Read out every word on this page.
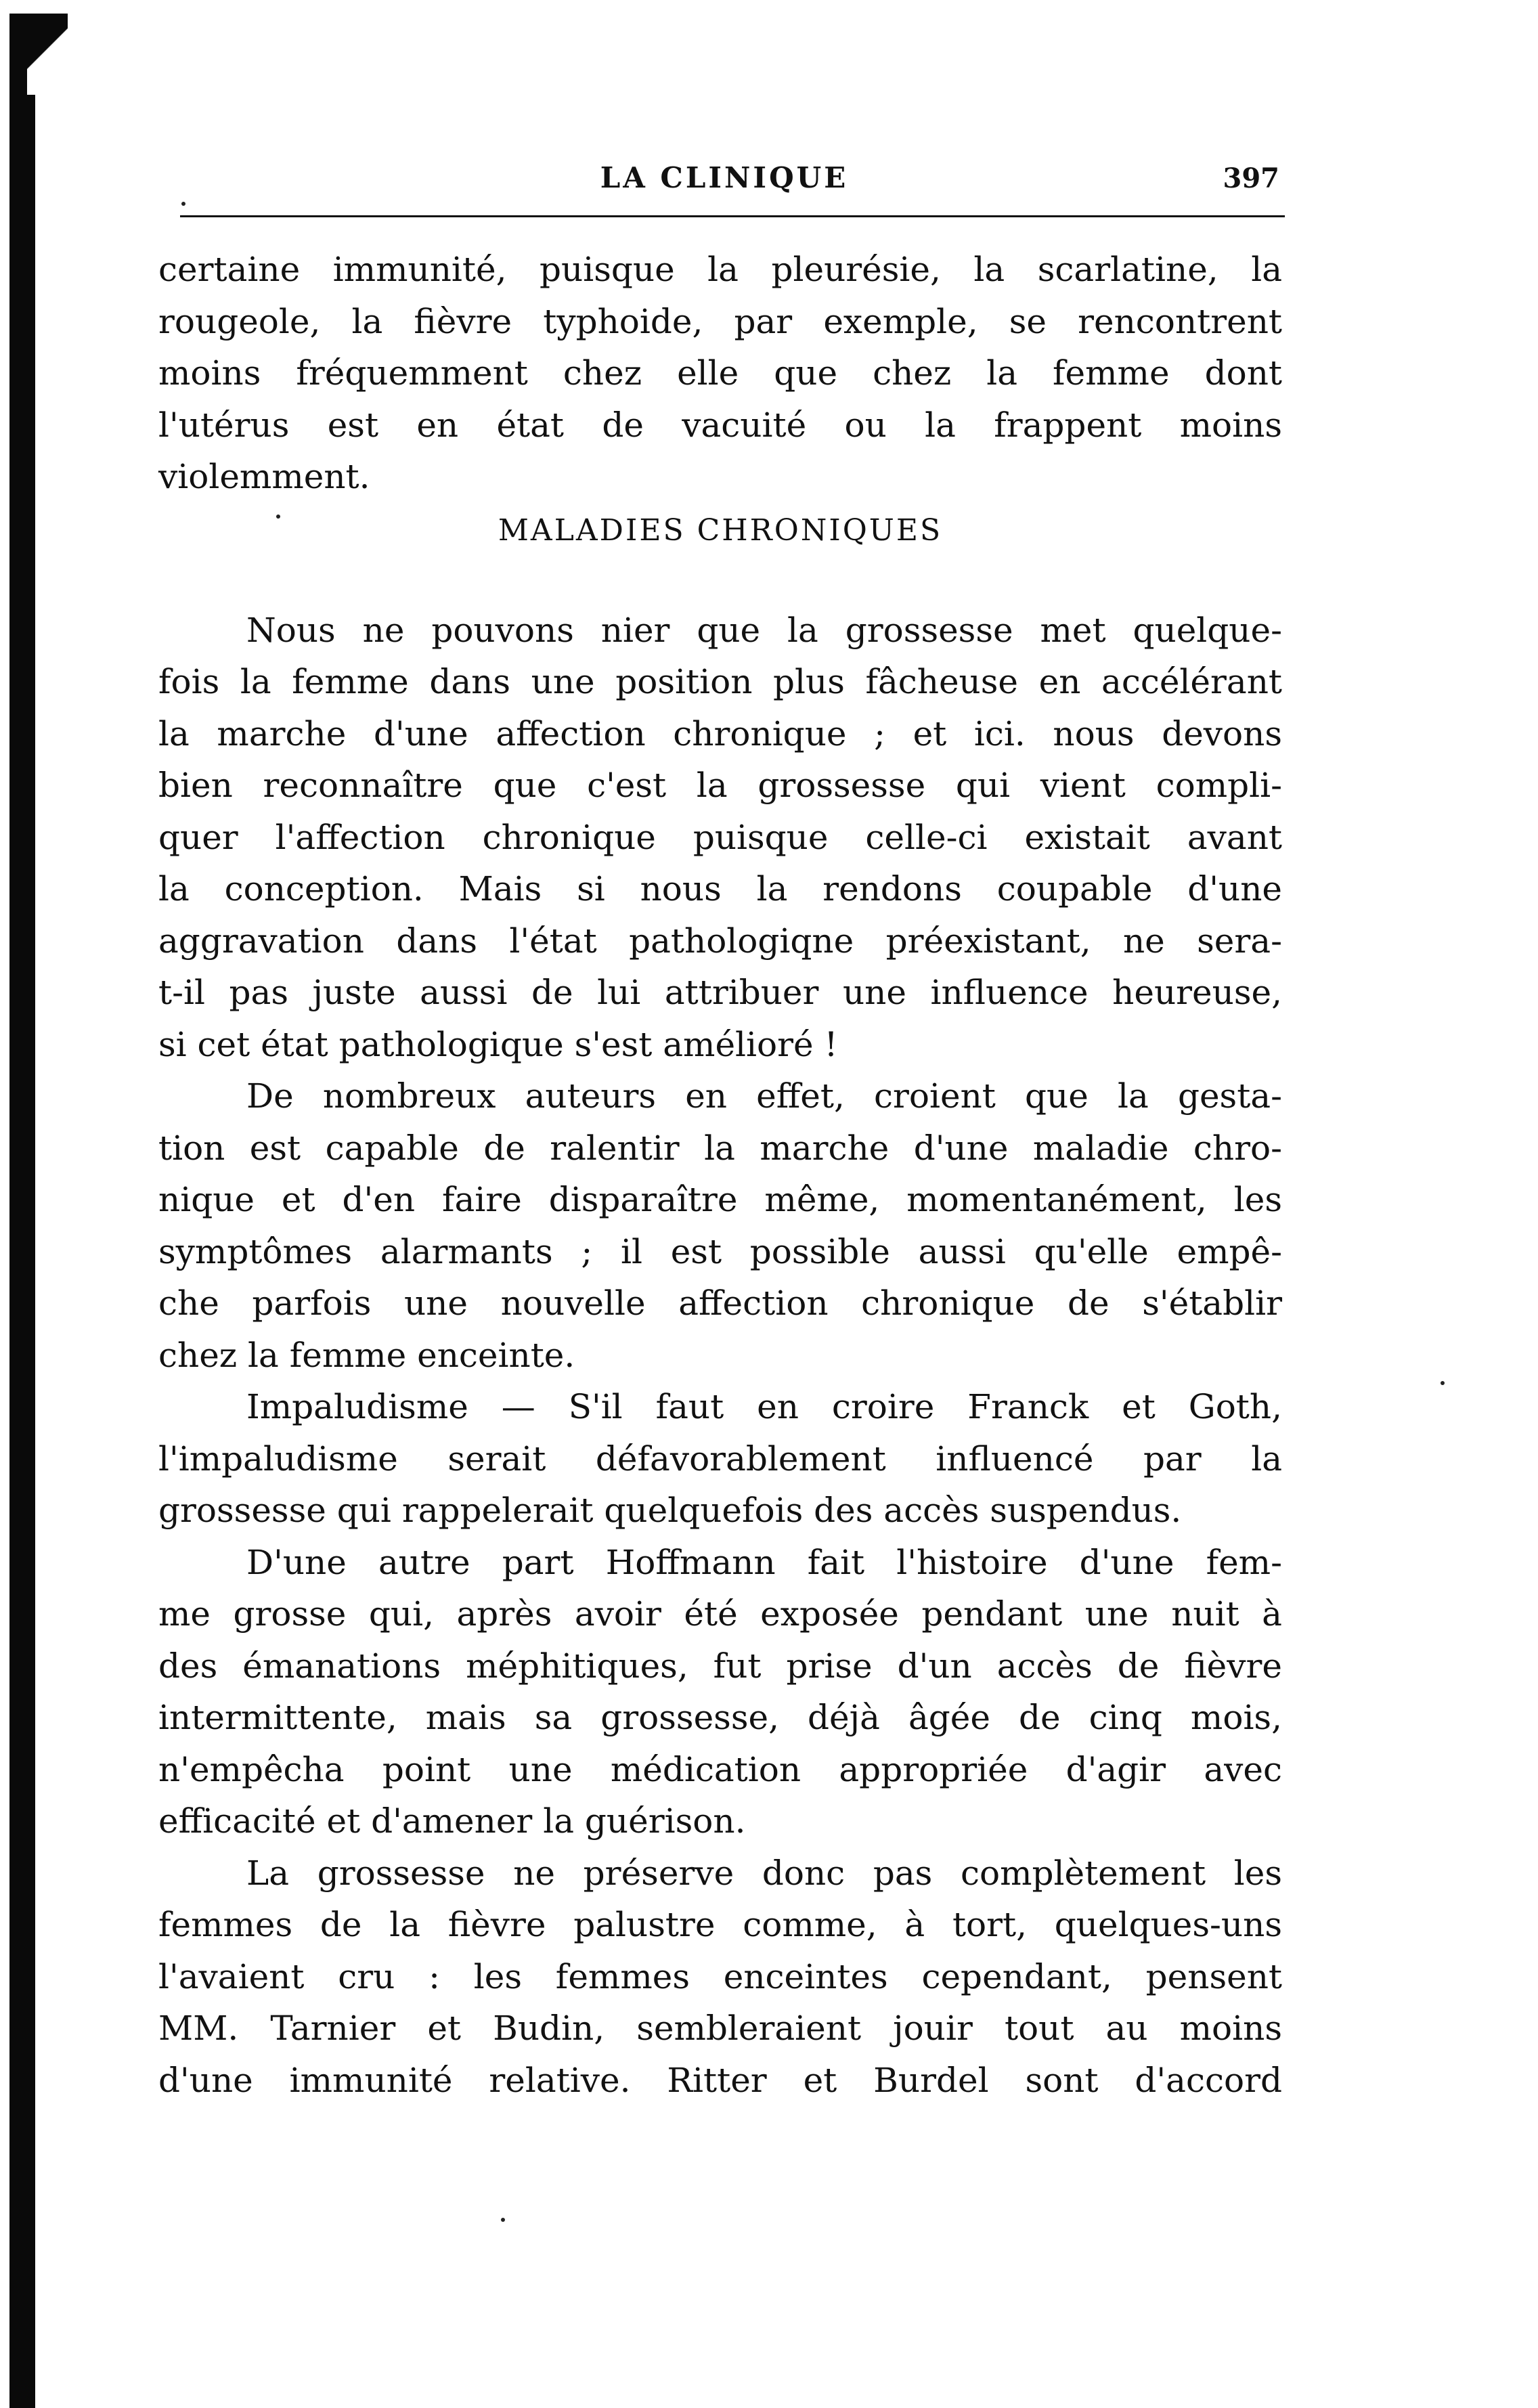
LA CLINIQUE	397
certaine immunité, puisque la pleurésie, la scarlatine, la
rougeole, la fièvre typhoide, par exemple, se rencontrent
moins fréquemment chez elle que chez la femme dont
l'utérus est en état de vacuité ou la frappent moins
violemment.
MALADIES CHRONIQUES
Nous ne pouvons nier que la grossesse met quelque-
fois la femme dans une position plus fâcheuse en accélérant
la marche d'une affection chronique ; et ici. nous devons
bien reconnaître que c'est la grossesse qui vient compli-
quer l'affection chronique puisque celle-ci existait avant
la conception. Mais si nous la rendons coupable d'une
aggravation dans l'état pathologiqne préexistant, ne sera-
t-il pas juste aussi de lui attribuer une influence heureuse,
si cet état pathologique s'est amélioré !
De nombreux auteurs en effet, croient que la gesta-
tion est capable de ralentir la marche d'une maladie chro-
nique et d'en faire disparaître même, momentanément, les
symptômes alarmants ; il est possible aussi qu'elle empê-
che parfois une nouvelle affection chronique de s'établir
chez la femme enceinte.
Impaludisme — S'il faut en croire Franck et Goth,
l'impaludisme serait défavorablement influencé par la
grossesse qui rappelerait quelquefois des accès suspendus.
D'une autre part Hoffmann fait l'histoire d'une fem-
me grosse qui, après avoir été exposée pendant une nuit à
des émanations méphitiques, fut prise d'un accès de fièvre
intermittente, mais sa grossesse, déjà âgée de cinq mois,
n'empêcha point une médication appropriée d'agir avec
efficacité et d'amener la guérison.
La grossesse ne préserve donc pas complètement les
femmes de la fièvre palustre comme, à tort, quelques-uns
l'avaient cru : les femmes enceintes cependant, pensent
MM. Tarnier et Budin, sembleraient jouir tout au moins
d'une immunité relative. Ritter et Burdel sont d'accord
